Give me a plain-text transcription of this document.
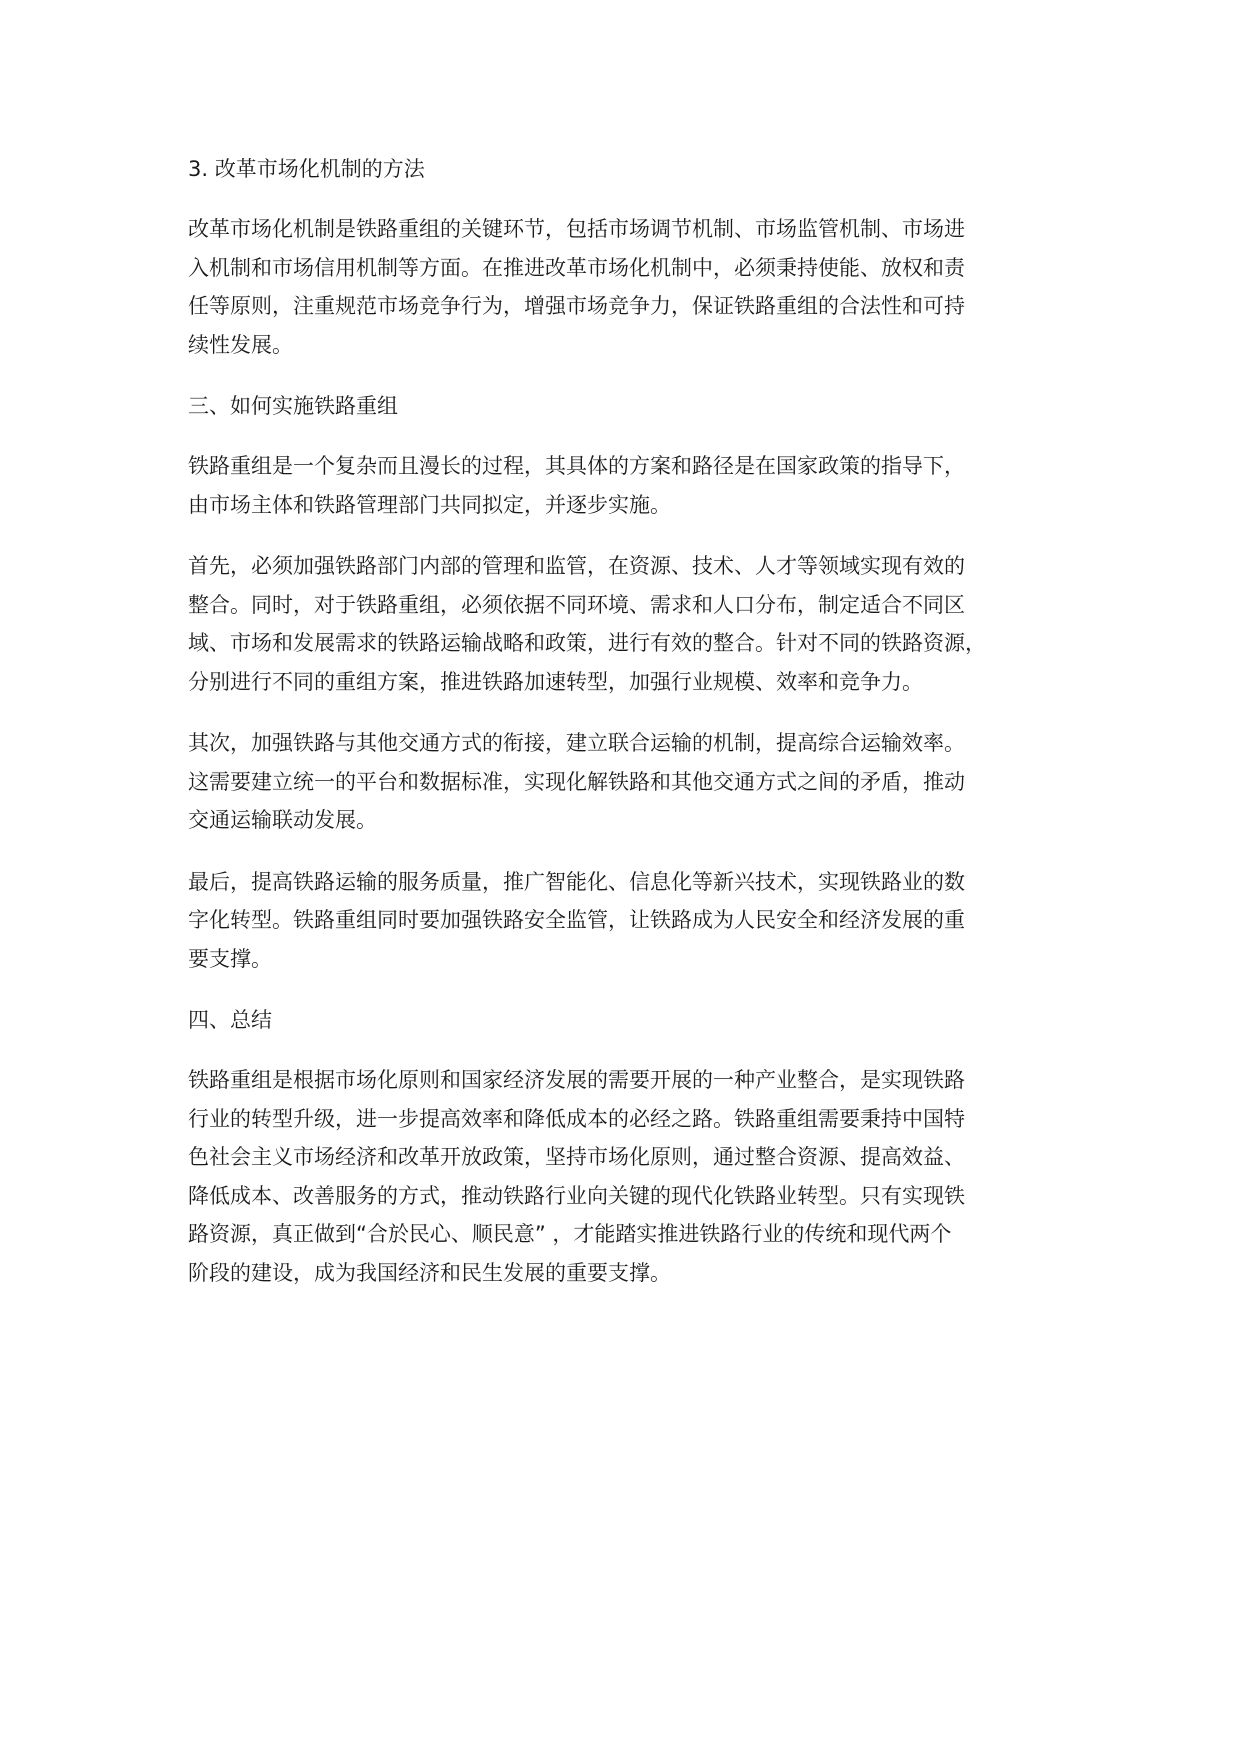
3. 改革市场化机制的方法
改革市场化机制是铁路重组的关键环节，包括市场调节机制、市场监管机制、市场进
入机制和市场信用机制等方面。在推进改革市场化机制中，必须秉持使能、放权和责
任等原则，注重规范市场竞争行为，增强市场竞争力，保证铁路重组的合法性和可持
续性发展。
三、如何实施铁路重组
铁路重组是一个复杂而且漫长的过程，其具体的方案和路径是在国家政策的指导下，
由市场主体和铁路管理部门共同拟定，并逐步实施。
首先，必须加强铁路部门内部的管理和监管，在资源、技术、人才等领域实现有效的
整合。同时，对于铁路重组，必须依据不同环境、需求和人口分布，制定适合不同区
域、市场和发展需求的铁路运输战略和政策，进行有效的整合。针对不同的铁路资源，
分别进行不同的重组方案，推进铁路加速转型，加强行业规模、效率和竞争力。
其次，加强铁路与其他交通方式的衔接，建立联合运输的机制，提高综合运输效率。
这需要建立统一的平台和数据标准，实现化解铁路和其他交通方式之间的矛盾，推动
交通运输联动发展。
最后，提高铁路运输的服务质量，推广智能化、信息化等新兴技术，实现铁路业的数
字化转型。铁路重组同时要加强铁路安全监管，让铁路成为人民安全和经济发展的重
要支撑。
四、总结
铁路重组是根据市场化原则和国家经济发展的需要开展的一种产业整合，是实现铁路
行业的转型升级，进一步提高效率和降低成本的必经之路。铁路重组需要秉持中国特
色社会主义市场经济和改革开放政策，坚持市场化原则，通过整合资源、提高效益、
降低成本、改善服务的方式，推动铁路行业向关键的现代化铁路业转型。只有实现铁
路资源，真正做到“合於民心、顺民意” ，才能踏实推进铁路行业的传统和现代两个
阶段的建设，成为我国经济和民生发展的重要支撑。
